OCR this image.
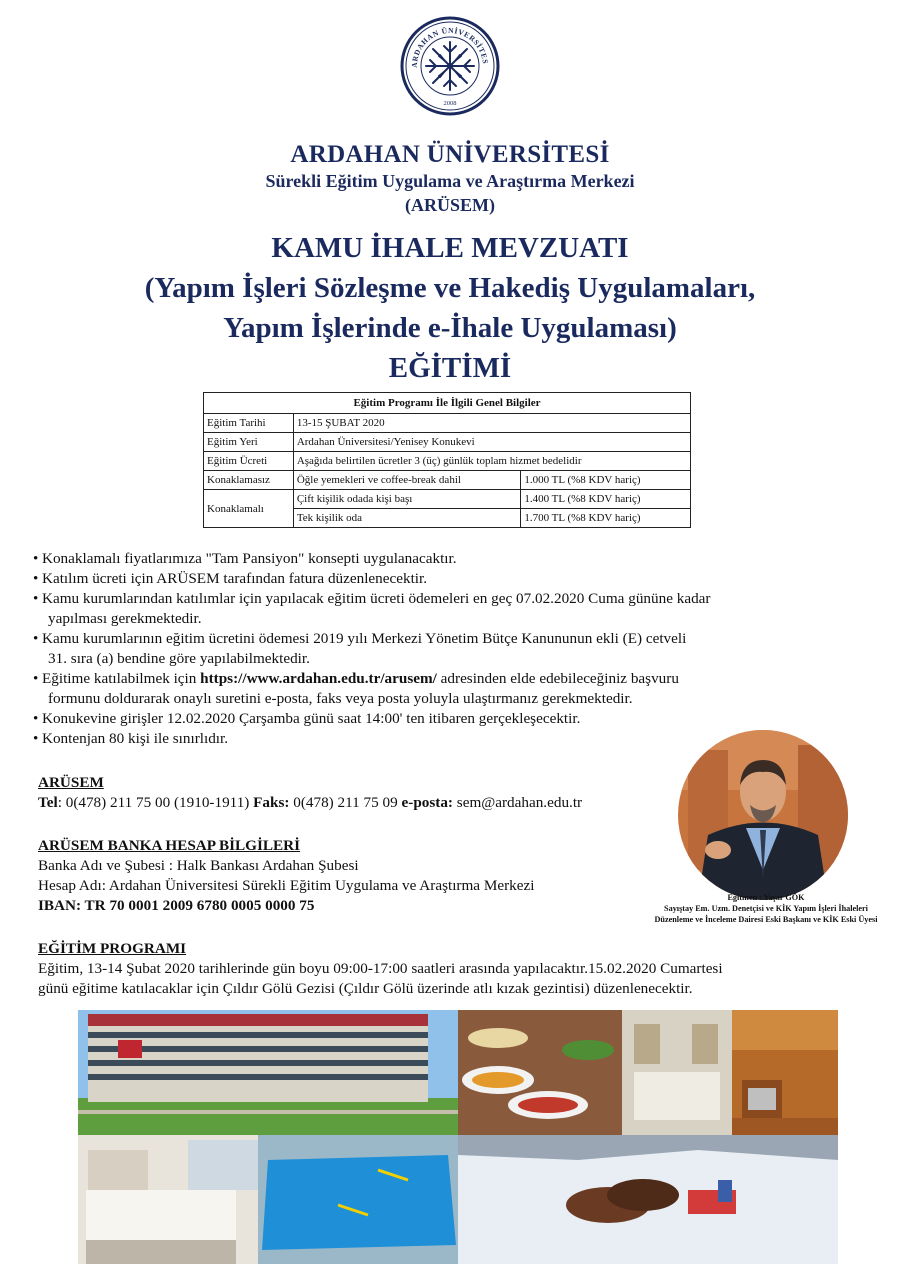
ARDAHAN ÜNİVERSİTES
2008
ARDAHAN ÜNİVERSİTESİ
Sürekli Eğitim Uygulama ve Araştırma Merkezi
(ARÜSEM)
KAMU İHALE MEVZUATI
(Yapım İşleri Sözleşme ve Hakediş Uygulamaları,
Yapım İşlerinde e-İhale Uygulaması)
EĞİTİMİ
Eğitim Programı İle İlgili Genel Bilgiler		
Eğitim Tarihi	13-15 ŞUBAT 2020	
Eğitim Yeri	Ardahan Üniversitesi/Yenisey Konukevi	
Eğitim Ücreti	Aşağıda belirtilen ücretler 3 (üç) günlük toplam hizmet bedelidir	
Konaklamasız	Öğle yemekleri ve coffee-break dahil	1.000 TL (%8 KDV hariç)
Konaklamalı	Çift kişilik odada kişi başı	1.400 TL (%8 KDV hariç)
	Tek kişilik oda	1.700 TL (%8 KDV hariç)
• Konaklamalı fiyatlarımıza "Tam Pansiyon" konsepti uygulanacaktır.
• Katılım ücreti için ARÜSEM tarafından fatura düzenlenecektir.
• Kamu kurumlarından katılımlar için yapılacak eğitim ücreti ödemeleri en geç 07.02.2020 Cuma gününe kadar
yapılması gerekmektedir.
• Kamu kurumlarının eğitim ücretini ödemesi 2019 yılı Merkezi Yönetim Bütçe Kanununun ekli (E) cetveli
31. sıra (a) bendine göre yapılabilmektedir.
• Eğitime katılabilmek için https://www.ardahan.edu.tr/arusem/ adresinden elde edebileceğiniz başvuru
formunu doldurarak onaylı suretini e-posta, faks veya posta yoluyla ulaştırmanız gerekmektedir.
• Konukevine girişler 12.02.2020 Çarşamba günü saat 14:00' ten itibaren gerçekleşecektir.
• Kontenjan 80 kişi ile sınırlıdır.
ARÜSEM
Tel: 0(478) 211 75 00 (1910-1911) Faks: 0(478) 211 75 09 e-posta: sem@ardahan.edu.tr
ARÜSEM BANKA HESAP BİLGİLERİ
Banka Adı ve Şubesi : Halk Bankası Ardahan Şubesi
Hesap Adı: Ardahan Üniversitesi Sürekli Eğitim Uygulama ve Araştırma Merkezi
IBAN: TR 70 0001 2009 6780 0005 0000 75
EĞİTİM PROGRAMI
Eğitim, 13-14 Şubat 2020 tarihlerinde gün boyu 09:00-17:00 saatleri arasında yapılacaktır.15.02.2020 Cumartesi
günü eğitime katılacaklar için Çıldır Gölü Gezisi (Çıldır Gölü üzerinde atlı kızak gezintisi) düzenlenecektir.
Eğitmen : Yaşar GÖK
Sayıştay Em. Uzm. Denetçisi ve KİK Yapım İşleri İhaleleri
Düzenleme ve İnceleme Dairesi Eski Başkanı ve KİK Eski Üyesi
